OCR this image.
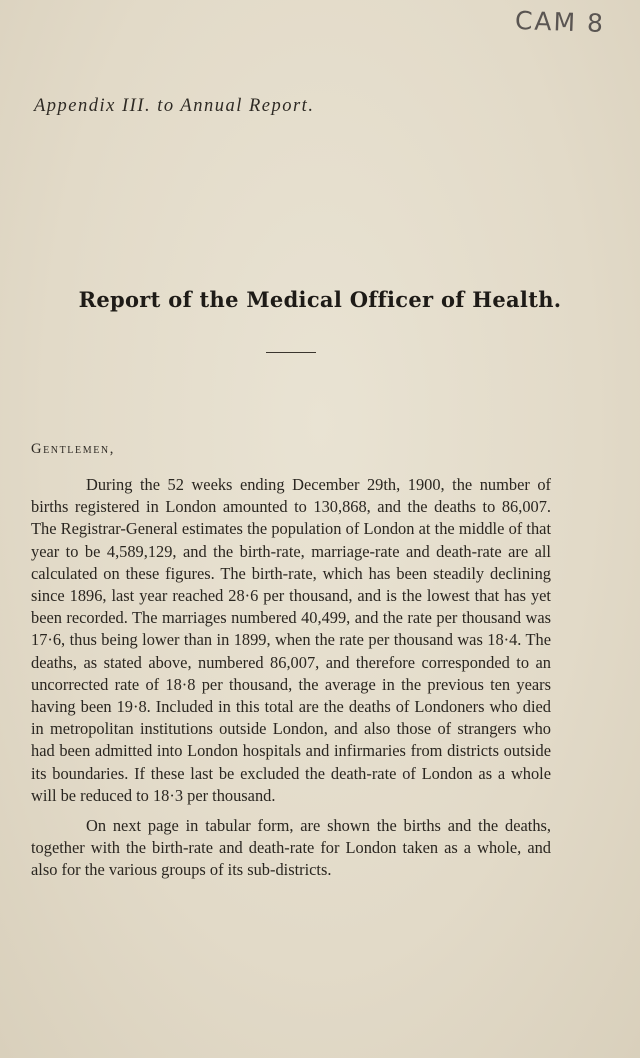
CAM 8
Appendix III. to Annual Report.
Report of the Medical Officer of Health.
Gentlemen,

During the 52 weeks ending December 29th, 1900, the number of births registered in London amounted to 130,868, and the deaths to 86,007. The Registrar-General estimates the population of London at the middle of that year to be 4,589,129, and the birth-rate, marriage-rate and death-rate are all calculated on these figures. The birth-rate, which has been steadily declining since 1896, last year reached 28·6 per thousand, and is the lowest that has yet been recorded. The marriages numbered 40,499, and the rate per thousand was 17·6, thus being lower than in 1899, when the rate per thousand was 18·4. The deaths, as stated above, numbered 86,007, and therefore corresponded to an uncorrected rate of 18·8 per thousand, the average in the previous ten years having been 19·8. Included in this total are the deaths of Londoners who died in metropolitan institutions outside London, and also those of strangers who had been admitted into London hospitals and infirmaries from districts outside its boundaries. If these last be excluded the death-rate of London as a whole will be reduced to 18·3 per thousand.

On next page in tabular form, are shown the births and the deaths, together with the birth-rate and death-rate for London taken as a whole, and also for the various groups of its sub-districts.
